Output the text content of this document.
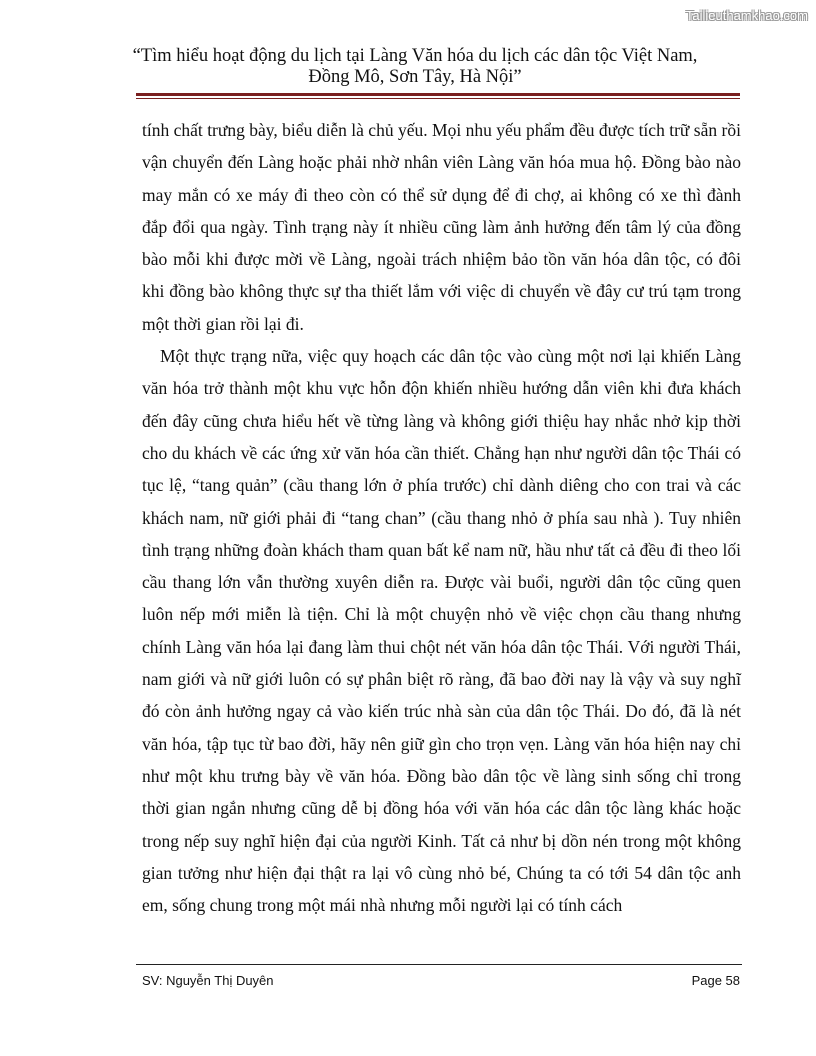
Tailieuthamkhao.com
“Tìm hiểu hoạt động du lịch tại Làng Văn hóa du lịch các dân tộc Việt Nam,
Đồng Mô, Sơn Tây, Hà Nội”

tính chất trưng bày, biểu diễn là chủ yếu. Mọi nhu yếu phẩm đều được tích trữ sẵn rồi vận chuyển đến Làng hoặc phải nhờ nhân viên Làng văn hóa mua hộ. Đồng bào nào may mắn có xe máy đi theo còn có thể sử dụng để đi chợ, ai không có xe thì đành đắp đổi qua ngày. Tình trạng này ít nhiều cũng làm ảnh hưởng đến tâm lý của đồng bào mỗi khi được mời về Làng, ngoài trách nhiệm bảo tồn văn hóa dân tộc, có đôi khi đồng bào không thực sự tha thiết lắm với việc di chuyển về đây cư trú tạm trong một thời gian rồi lại đi.

Một thực trạng nữa, việc quy hoạch các dân tộc vào cùng một nơi lại khiến Làng văn hóa trở thành một khu vực hỗn độn khiến nhiều hướng dẫn viên khi đưa khách đến đây cũng chưa hiểu hết về từng làng và không giới thiệu hay nhắc nhở kịp thời cho du khách về các ứng xử văn hóa cần thiết. Chẳng hạn như người dân tộc Thái có tục lệ, “tang quản” (cầu thang lớn ở phía trước) chỉ dành diêng cho con trai và các khách nam, nữ giới phải đi “tang chan” (cầu thang nhỏ ở phía sau nhà ). Tuy nhiên tình trạng những đoàn khách tham quan bất kể nam nữ, hầu như tất cả đều đi theo lối cầu thang lớn vẫn thường xuyên diễn ra. Được vài buổi, người dân tộc cũng quen luôn nếp mới miễn là tiện. Chỉ là một chuyện nhỏ về việc chọn cầu thang nhưng chính Làng văn hóa lại đang làm thui chột nét văn hóa dân tộc Thái. Với người Thái, nam giới và nữ giới luôn có sự phân biệt rõ ràng, đã bao đời nay là vậy và suy nghĩ đó còn ảnh hưởng ngay cả vào kiến trúc nhà sàn của dân tộc Thái. Do đó, đã là nét văn hóa, tập tục từ bao đời, hãy nên giữ gìn cho trọn vẹn. Làng văn hóa hiện nay chỉ như một khu trưng bày về văn hóa. Đồng bào dân tộc về làng sinh sống chỉ trong thời gian ngắn nhưng cũng dễ bị đồng hóa với văn hóa các dân tộc làng khác hoặc trong nếp suy nghĩ hiện đại của người Kinh. Tất cả như bị dồn nén trong một không gian tưởng như hiện đại thật ra lại vô cùng nhỏ bé, Chúng ta có tới 54 dân tộc anh em, sống chung trong một mái nhà nhưng mỗi người lại có tính cách

SV: Nguyễn Thị Duyên	Page 58
